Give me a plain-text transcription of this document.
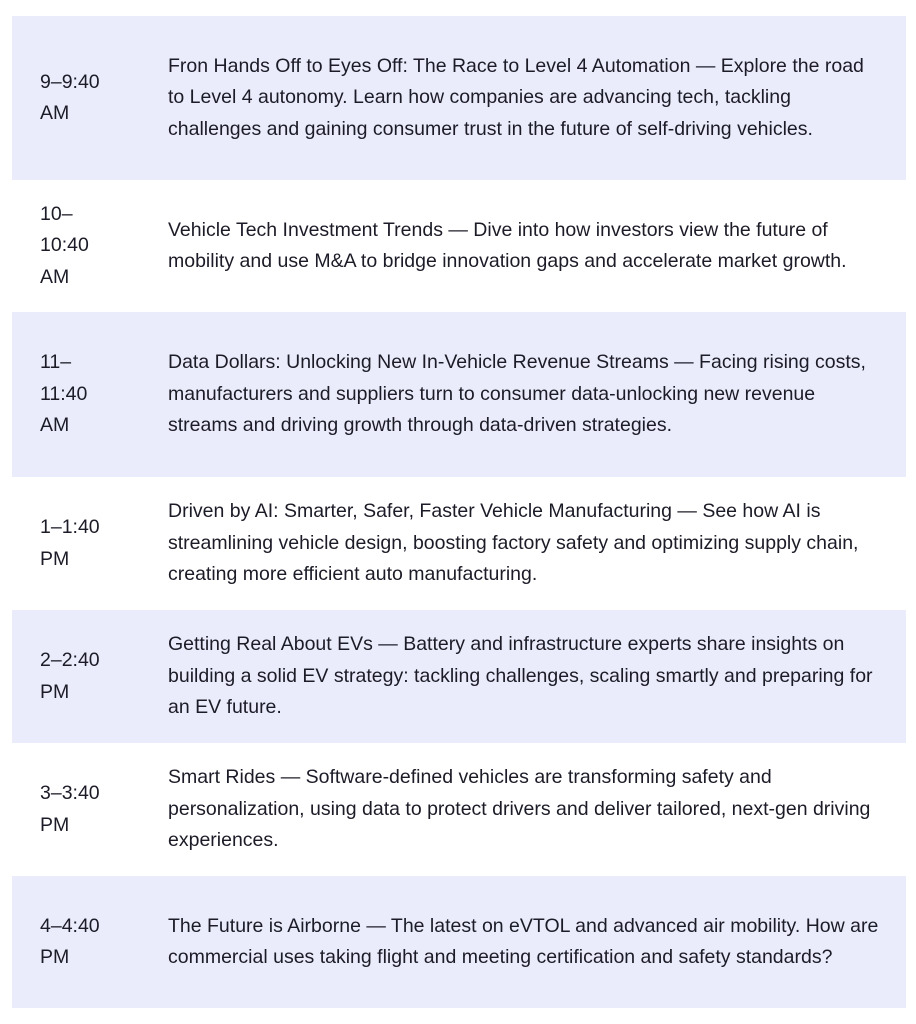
9–9:40
AM
Fron Hands Off to Eyes Off: The Race to Level 4 Automation — Explore the road to Level 4 autonomy. Learn how companies are advancing tech, tackling challenges and gaining consumer trust in the future of self-driving vehicles.
10–
10:40
AM
Vehicle Tech Investment Trends — Dive into how investors view the future of mobility and use M&A to bridge innovation gaps and accelerate market growth.
11–
11:40
AM
Data Dollars: Unlocking New In-Vehicle Revenue Streams — Facing rising costs, manufacturers and suppliers turn to consumer data-unlocking new revenue streams and driving growth through data-driven strategies.
1–1:40
PM
Driven by AI: Smarter, Safer, Faster Vehicle Manufacturing — See how AI is streamlining vehicle design, boosting factory safety and optimizing supply chain, creating more efficient auto manufacturing.
2–2:40
PM
Getting Real About EVs — Battery and infrastructure experts share insights on building a solid EV strategy: tackling challenges, scaling smartly and preparing for an EV future.
3–3:40
PM
Smart Rides — Software-defined vehicles are transforming safety and personalization, using data to protect drivers and deliver tailored, next-gen driving experiences.
4–4:40
PM
The Future is Airborne — The latest on eVTOL and advanced air mobility. How are commercial uses taking flight and meeting certification and safety standards?
